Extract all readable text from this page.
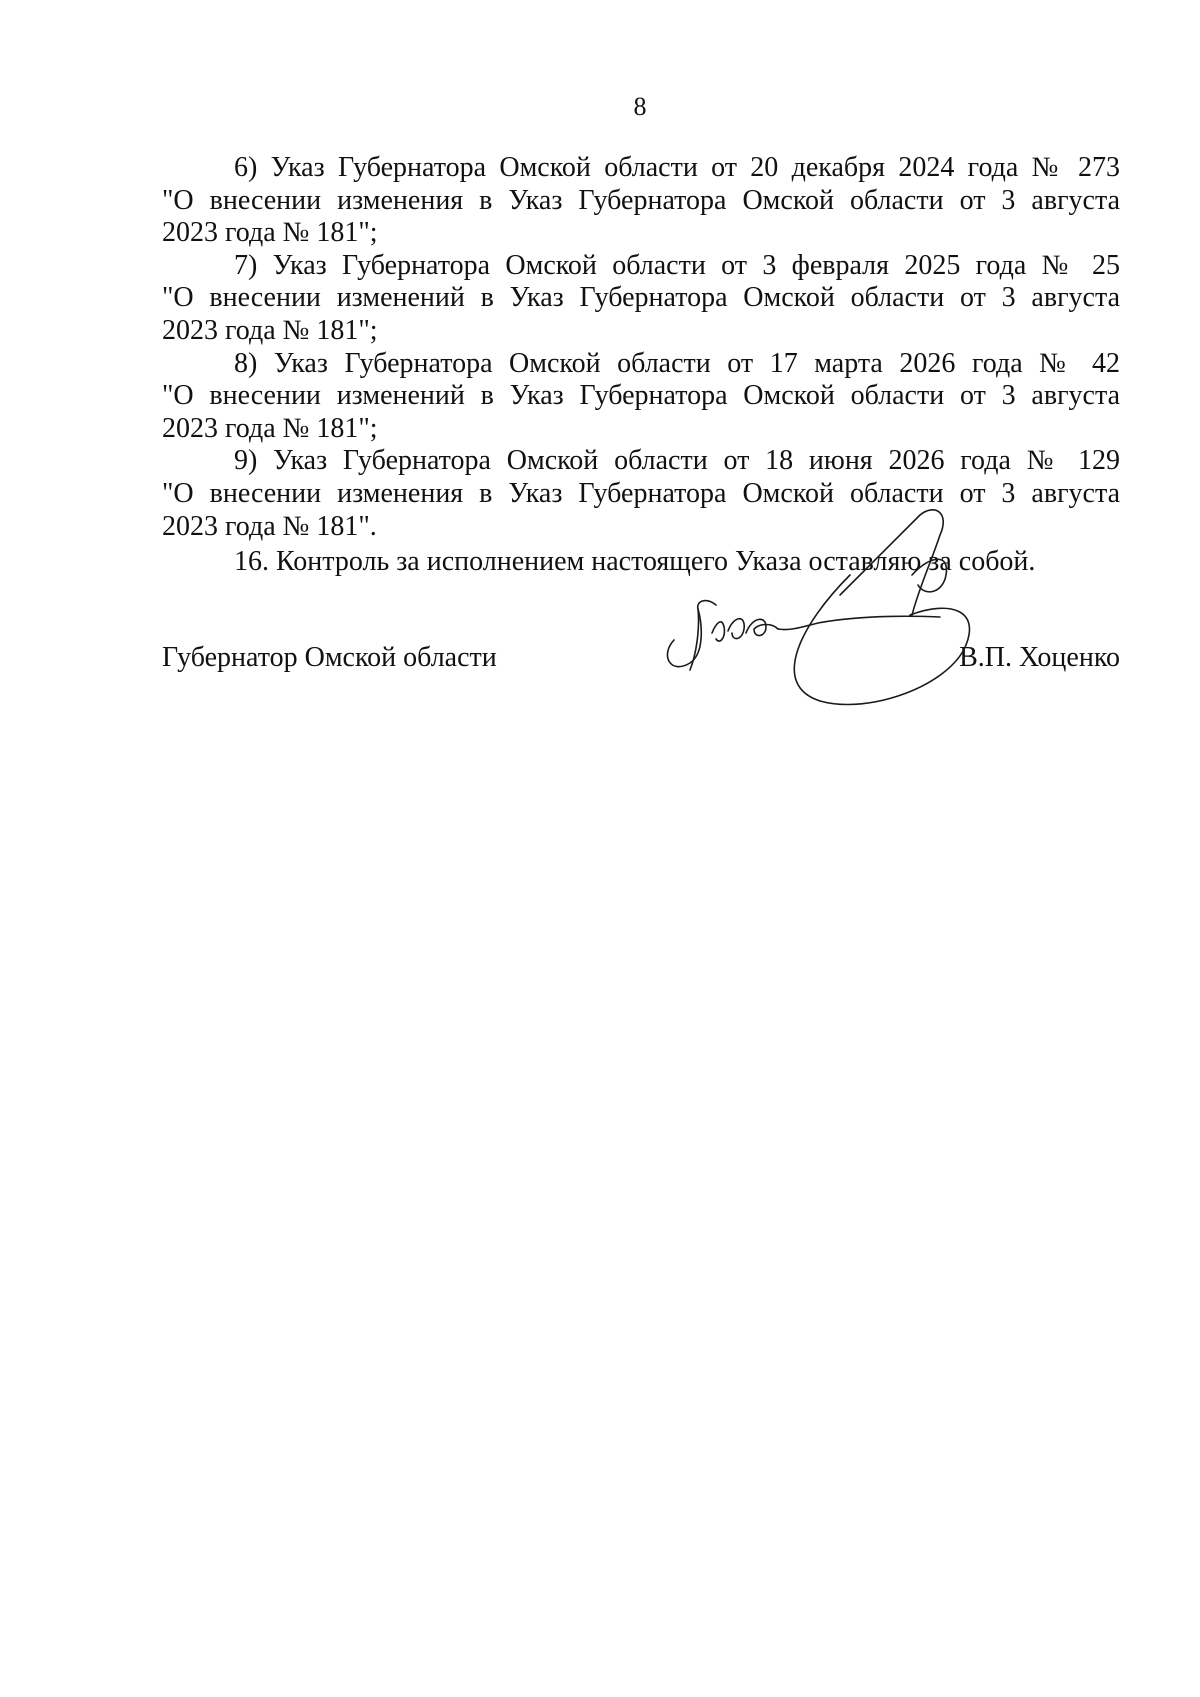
8

6) Указ Губернатора Омской области от 20 декабря 2024 года № 273
"О внесении изменения в Указ Губернатора Омской области от 3 августа
2023 года № 181";

7) Указ Губернатора Омской области от 3 февраля 2025 года № 25
"О внесении изменений в Указ Губернатора Омской области от 3 августа
2023 года № 181";

8) Указ Губернатора Омской области от 17 марта 2026 года № 42
"О внесении изменений в Указ Губернатора Омской области от 3 августа
2023 года № 181";

9) Указ Губернатора Омской области от 18 июня 2026 года № 129
"О внесении изменения в Указ Губернатора Омской области от 3 августа
2023 года № 181".

16. Контроль за исполнением настоящего Указа оставляю за собой.

Губернатор Омской области	В.П. Хоценко
